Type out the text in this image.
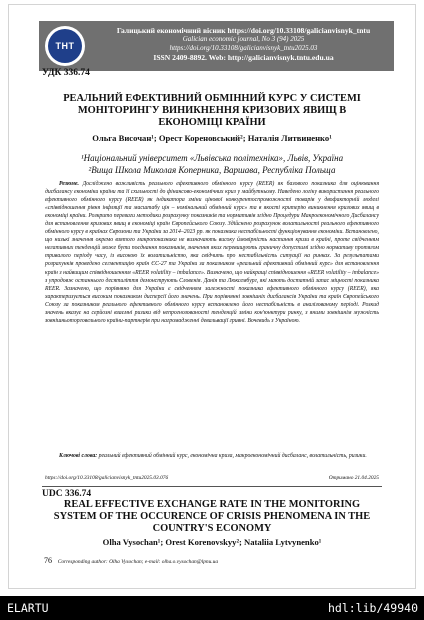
ТНТ
Галицький економічний вісник https://doi.org/10.33108/galicianvisnyk_tntu
Galician economic journal, No 3 (94) 2025
https://doi.org/10.33108/galicianvisnyk_tntu2025.03
ISSN 2409-8892. Web: http://galicianvisnyk.tntu.edu.ua
УДК 336.74
РЕАЛЬНИЙ ЕФЕКТИВНИЙ ОБМІННИЙ КУРС У СИСТЕМІ МОНІТОРИНГУ ВИНИКНЕННЯ КРИЗОВИХ ЯВИЩ В ЕКОНОМІЦІ КРАЇНИ
Ольга Височан¹; Орест Кореновський²; Наталія Литвиненко¹
¹Національний університет «Львівська політехніка», Львів, Україна
²Вища Школа Миколая Коперника, Варшава, Республіка Польща

Резюме. Досліджено важливість реального ефективного обмінного курсу (REER) як базового показника для оцінювання дисбалансу економіки країни та її схильності до фінансово-економічних криз у майбутньому. Наведено логіку використання реального ефективного обмінного курсу (REER) як індикатора зміни цінової конкурентоспроможності товарів у двофакторній моделі «співвідношення рівня інфляції та масштабу цін – номінальний обмінний курс» та в якості критерію виникнення кризових явищ в економіці країни. Розкрито переваги методики розрахунку показників та нормативів згідно Процедури Макроекономічного Дисбалансу для встановлення кризових явищ в економіці країн Європейського Союзу. Здійснено розрахунок волатильності реального ефективного обмінного курсу в країнах Єврозони та України за 2014–2023 рр. як показника нестабільності функціонування економіки. Встановлено, що низькі значення окремо взятого макропоказника не визначають високу ймовірність настання кризи в країні, проте свідченням негативних тенденцій може бути поєднання показників, значення яких перевищують граничну допустимі згідно нормативу протягом тривалого періоду часу, із високою їх волатильністю, яка свідчить про нестабільність ситуації на ринках. За результатами розрахунків проведено сегментацію країн ЄС-27 та України за показником «реальний ефективний обмінний курс» для встановлення країн з найвищим співвідношенням «REER volatility – imbalance». Визначено, що найкращі співвідношення «REER volatility – imbalance» з упродовж останнього десятиліття демонструють Словенія. Данія та Люксембург, які мають достатній запас міцності показника REER. Зазначено, що порівняно для України є свідченням залежності показника ефективного обмінного курсу (REER), яка характеризується високим показником дисперсії його значень. При порівнянні зовнішніх дисбалансів України та країн Європейського Союзу за показником реального ефективного обмінного курсу встановлено його нестабільність в аналізованому періоді. Розкид значень вказує на серйозні взаємні ризики від непрогнозованості тенденцій зміни кон'юнктури ринку, з яними зовнішнім мужність зовнішньоторговельного країни-партнерів при нагромадженні девальвації гривні. Вочевидь з Україною.

Ключові слова: реальний ефективний обмінний курс, економічна криза, макроекономічний дисбаланс, волатильність, ризики.

https://doi.org/10.33108/galicianvisnyk_tntu2025.03.076	Отримано 21.04.2025
UDC 336.74
REAL EFFECTIVE EXCHANGE RATE IN THE MONITORING SYSTEM OF THE OCCURENCE OF CRISIS PHENOMENA IN THE COUNTRY'S ECONOMY
Olha Vysochan¹; Orest Korenovskyy²; Nataliia Lytvynenko¹
76 Corresponding author: Olha Vysochan; e-mail: olha.o.vysochan@lpnu.ua
ELARTU	hdl:lib/49940
